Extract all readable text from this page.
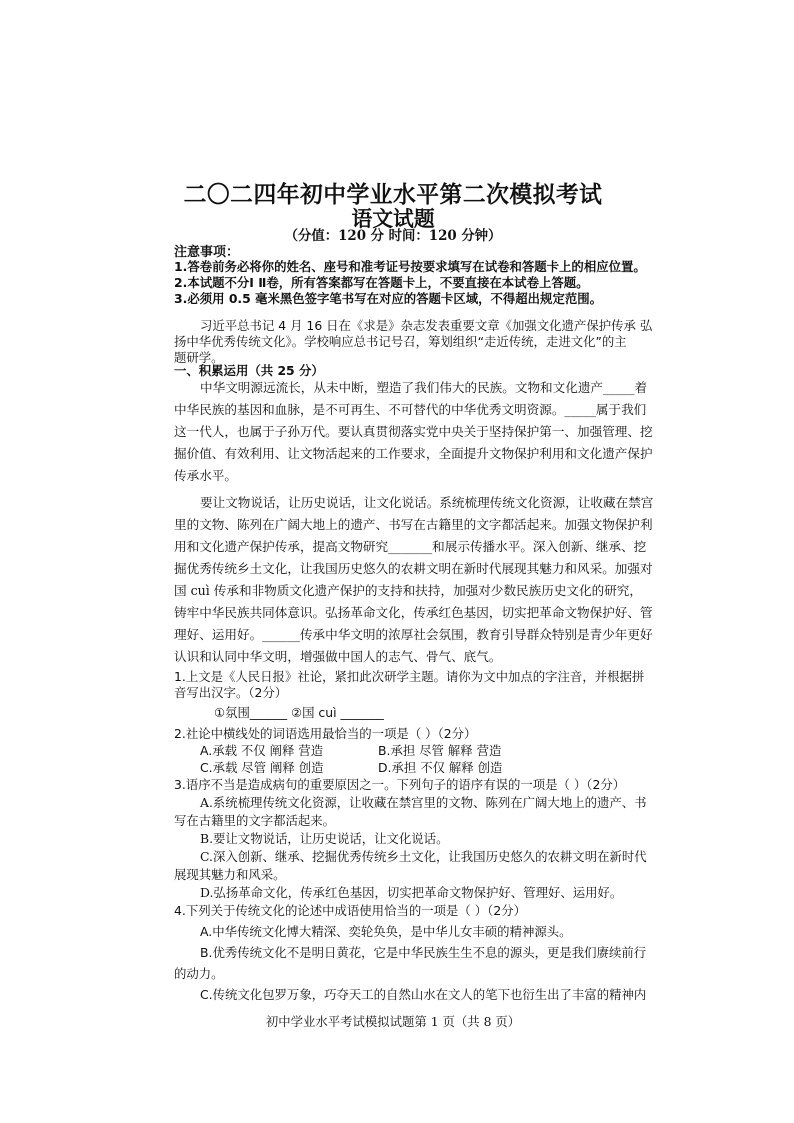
二〇二四年初中学业水平第二次模拟考试
语文试题
（分值：120 分 时间：120 分钟）
注意事项：
1.答卷前务必将你的姓名、座号和准考证号按要求填写在试卷和答题卡上的相应位置。
2.本试题不分Ⅰ Ⅱ卷，所有答案都写在答题卡上，不要直接在本试卷上答题。
3.必须用 0.5 毫米黑色签字笔书写在对应的答题卡区域，不得超出规定范围。
习近平总书记 4 月 16 日在《求是》杂志发表重要文章《加强文化遗产保护传承 弘
扬中华优秀传统文化》。学校响应总书记号召，筹划组织“走近传统，走进文化”的主
题研学。
一、积累运用（共 25 分）
中华文明源远流长，从未中断，塑造了我们伟大的民族。文物和文化遗产_____着
中华民族的基因和血脉，是不可再生、不可替代的中华优秀文明资源。_____属于我们
这一代人，也属于子孙万代。要认真贯彻落实党中央关于坚持保护第一、加强管理、挖
掘价值、有效利用、让文物活起来的工作要求，全面提升文物保护利用和文化遗产保护
传承水平。
要让文物说话，让历史说话，让文化说话。系统梳理传统文化资源，让收藏在禁宫
里的文物、陈列在广阔大地上的遗产、书写在古籍里的文字都活起来。加强文物保护利
用和文化遗产保护传承，提高文物研究_______和展示传播水平。深入创新、继承、挖
掘优秀传统乡土文化，让我国历史悠久的农耕文明在新时代展现其魅力和风采。加强对
国 cuì 传承和非物质文化遗产保护的支持和扶持，加强对少数民族历史文化的研究，
铸牢中华民族共同体意识。弘扬革命文化，传承红色基因，切实把革命文物保护好、管
理好、运用好。______传承中华文明的浓厚社会氛围，教育引导群众特别是青少年更好
认识和认同中华文明，增强做中国人的志气、骨气、底气。
1.上文是《人民日报》社论，紧扣此次研学主题。请你为文中加点的字注音，并根据拼
音写出汉字。（2分）
①氛围______ ②国 cuì _______
2.社论中横线处的词语选用最恰当的一项是（ ）（2分）
A.承载 不仅 阐释 营造	B.承担 尽管 解释 营造
C.承载 尽管 阐释 创造	D.承担 不仅 解释 创造
3.语序不当是造成病句的重要原因之一。下列句子的语序有误的一项是（ ）（2分）
A.系统梳理传统文化资源，让收藏在禁宫里的文物、陈列在广阔大地上的遗产、书
写在古籍里的文字都活起来。
B.要让文物说话，让历史说话，让文化说话。
C.深入创新、继承、挖掘优秀传统乡土文化，让我国历史悠久的农耕文明在新时代
展现其魅力和风采。
D.弘扬革命文化，传承红色基因，切实把革命文物保护好、管理好、运用好。
4.下列关于传统文化的论述中成语使用恰当的一项是（ ）（2分）
A.中华传统文化博大精深、奕轮奂奂，是中华儿女丰硕的精神源头。
B.优秀传统文化不是明日黄花，它是中华民族生生不息的源头，更是我们赓续前行
的动力。
C.传统文化包罗万象，巧夺天工的自然山水在文人的笔下也衍生出了丰富的精神内
初中学业水平考试模拟试题第 1 页（共 8 页）
